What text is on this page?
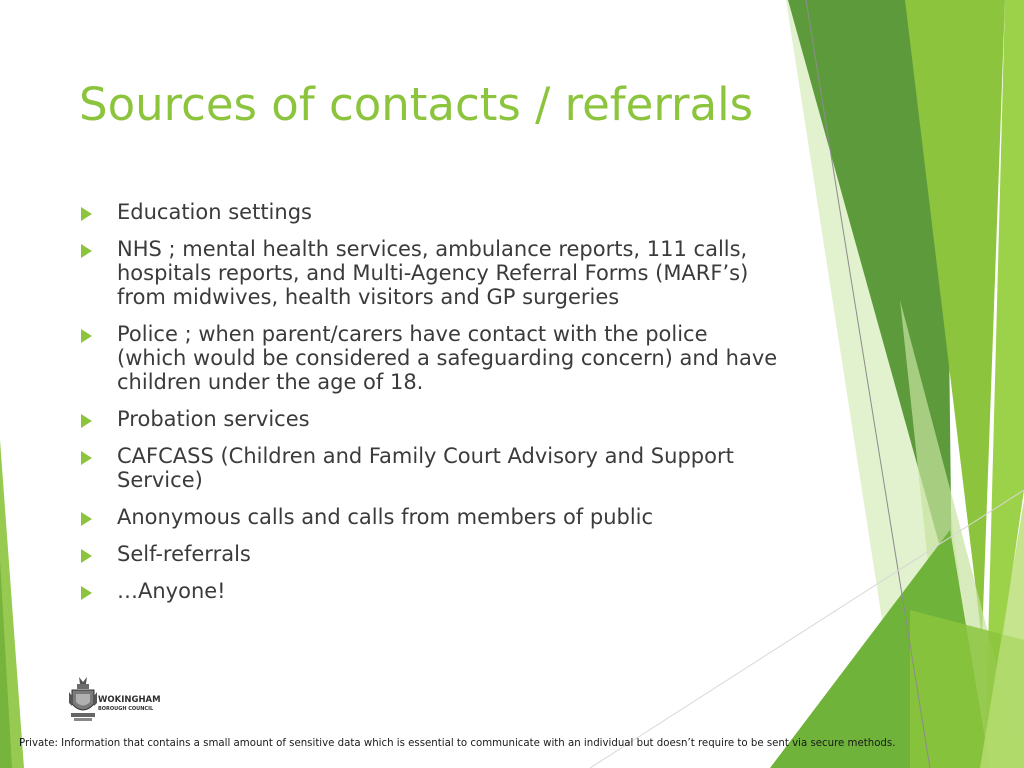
Sources of contacts / referrals
Education settings
NHS ; mental health services, ambulance reports, 111 calls, hospitals reports, and Multi-Agency Referral Forms (MARF’s) from midwives, health visitors and GP surgeries
Police ; when parent/carers have contact with the police (which would be considered a safeguarding concern) and have children under the age of 18.
Probation services
CAFCASS (Children and Family Court Advisory and Support Service)
Anonymous calls and calls from members of public
Self-referrals
…Anyone!
WOKINGHAM
BOROUGH COUNCIL

Private: Information that contains a small amount of sensitive data which is essential to communicate with an individual but doesn’t require to be sent via secure methods.
